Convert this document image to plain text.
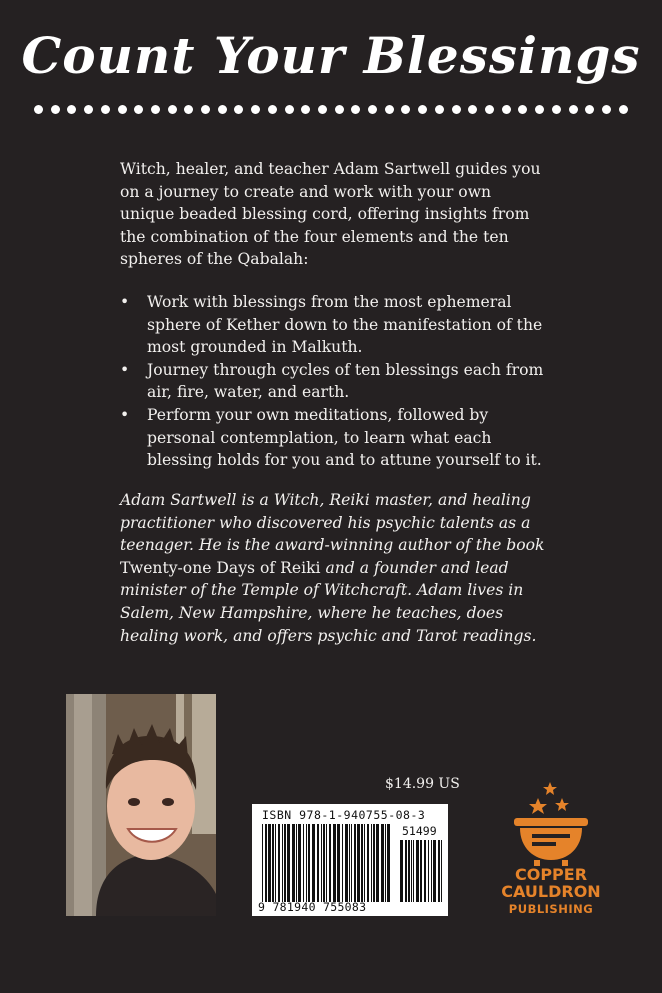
Count Your Blessings

Witch, healer, and teacher Adam Sartwell guides you on a journey to create and work with your own unique beaded blessing cord, offering insights from the combination of the four elements and the ten spheres of the Qabalah:

• Work with blessings from the most ephemeral sphere of Kether down to the manifestation of the most grounded in Malkuth.
• Journey through cycles of ten blessings each from air, fire, water, and earth.
• Perform your own meditations, followed by personal contemplation, to learn what each blessing holds for you and to attune yourself to it.

Adam Sartwell is a Witch, Reiki master, and healing practitioner who discovered his psychic talents as a teenager. He is the award-winning author of the book Twenty-one Days of Reiki and a founder and lead minister of the Temple of Witchcraft. Adam lives in Salem, New Hampshire, where he teaches, does healing work, and offers psychic and Tarot readings.

$14.99 US
ISBN 978-1-940755-08-3
51499
9 781940 755083
COPPER
CAULDRON
PUBLISHING
